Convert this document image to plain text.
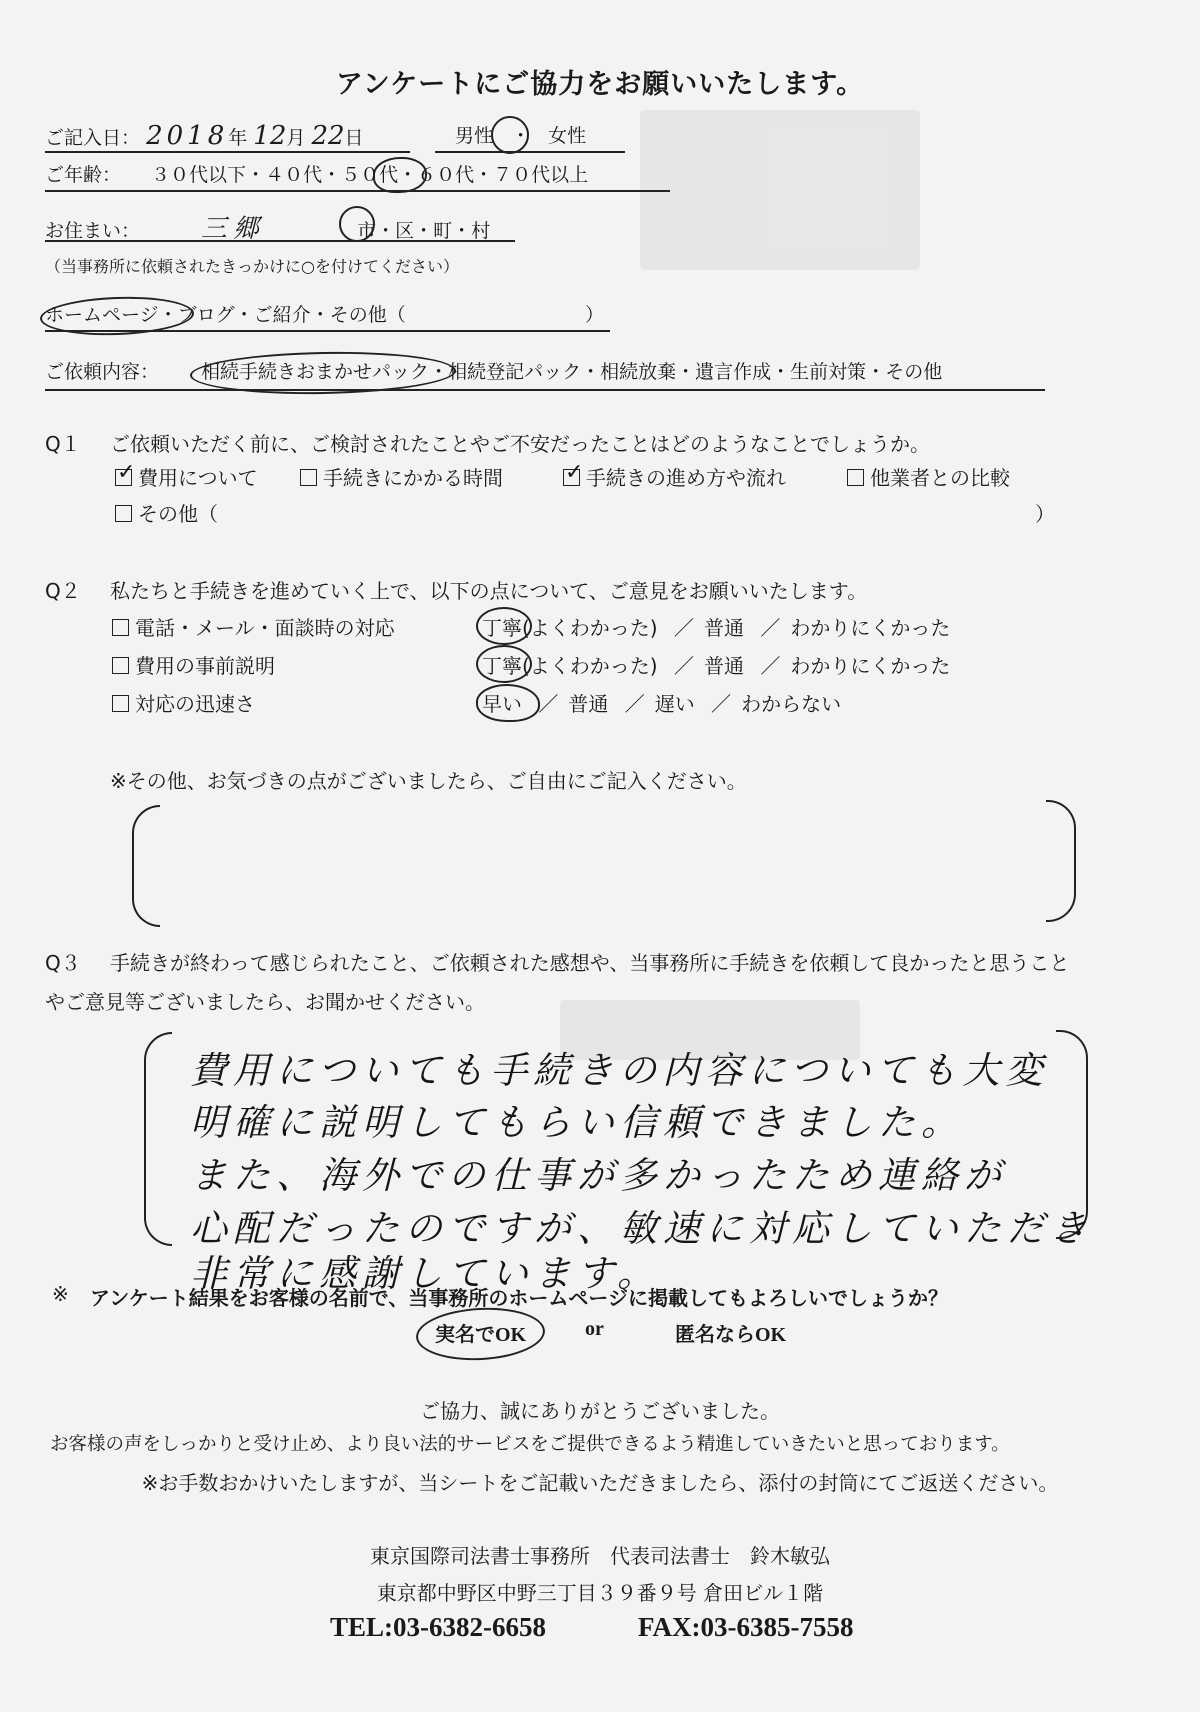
アンケートにご協力をお願いいたします。
ご記入日： 2018年 12月 22日	男性 ・ 女性
ご年齢： ３０代以下・４０代・５０代・６０代・７０代以上
お住まい： 三郷	市・区・町・村
（当事務所に依頼されたきっかけに○を付けてください）
ホームページ・ブログ・ご紹介・その他（	）
ご依頼内容： 相続手続きおまかせパック・相続登記パック・相続放棄・遺言作成・生前対策・その他
Q１ ご依頼いただく前に、ご検討されたことやご不安だったことはどのようなことでしょうか。
✓費用について	手続きにかかる時間 ✓	手続きの進め方や流れ	他業者との比較
その他（	）
Q２ 私たちと手続きを進めていく上で、以下の点について、ご意見をお願いいたします。
電話・メール・面談時の対応	丁寧(よくわかった) ／ 普通 ／ わかりにくかった
費用の事前説明	丁寧(よくわかった) ／ 普通 ／ わかりにくかった
対応の迅速さ	早い ／ 普通 ／ 遅い ／ わからない
※その他、お気づきの点がございましたら、ご自由にご記入ください。
Q３ 手続きが終わって感じられたこと、ご依頼された感想や、当事務所に手続きを依頼して良かったと思うこと
やご意見等ございましたら、お聞かせください。
費用についても手続きの内容についても大変
明確に説明してもらい信頼できました。
また、海外での仕事が多かったため連絡が
心配だったのですが、敏速に対応していただき
非常に感謝しています。
※ アンケート結果をお客様の名前で、当事務所のホームページに掲載してもよろしいでしょうか？
実名でOK	or	匿名ならOK
ご協力、誠にありがとうございました。
お客様の声をしっかりと受け止め、より良い法的サービスをご提供できるよう精進していきたいと思っております。
※お手数おかけいたしますが、当シートをご記載いただきましたら、添付の封筒にてご返送ください。
東京国際司法書士事務所　代表司法書士　鈴木敏弘
東京都中野区中野三丁目３９番９号 倉田ビル１階
TEL:03-6382-6658	FAX:03-6385-7558
